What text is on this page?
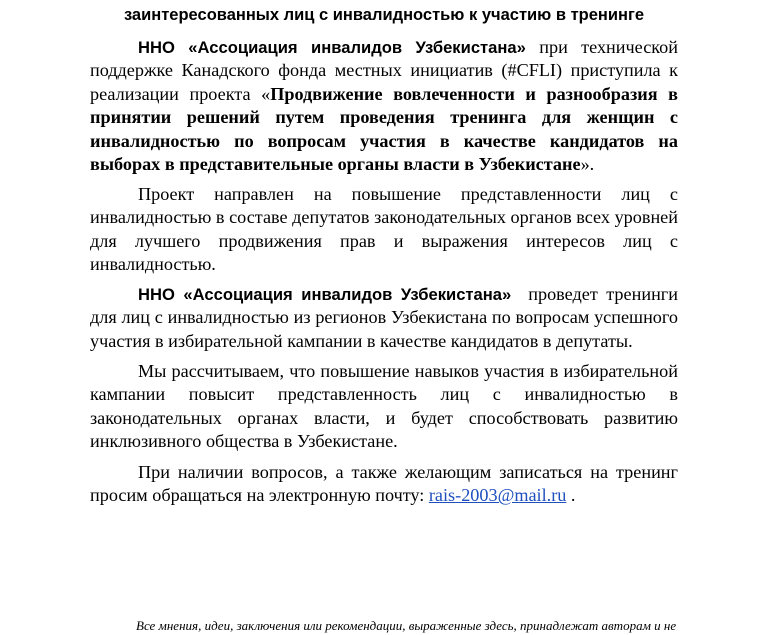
заинтересованных лиц с инвалидностью к участию в тренинге

ННО «Ассоциация инвалидов Узбекистана» при технической поддержке Канадского фонда местных инициатив (#CFLI) приступила к реализации проекта «Продвижение вовлеченности и разнообразия в принятии решений путем проведения тренинга для женщин с инвалидностью по вопросам участия в качестве кандидатов на выборах в представительные органы власти в Узбекистане».

Проект направлен на повышение представленности лиц с инвалидностью в составе депутатов законодательных органов всех уровней для лучшего продвижения прав и выражения интересов лиц с инвалидностью.

ННО «Ассоциация инвалидов Узбекистана»  проведет тренинги для лиц с инвалидностью из регионов Узбекистана по вопросам успешного участия в избирательной кампании в качестве кандидатов в депутаты.

Мы рассчитываем, что повышение навыков участия в избирательной кампании повысит представленность лиц с инвалидностью в законодательных органах власти, и будет способствовать развитию инклюзивного общества в Узбекистане.

При наличии вопросов, а также желающим записаться на тренинг просим обращаться на электронную почту: rais-2003@mail.ru .

Все мнения, идеи, заключения или рекомендации, выраженные здесь, принадлежат авторам и не
